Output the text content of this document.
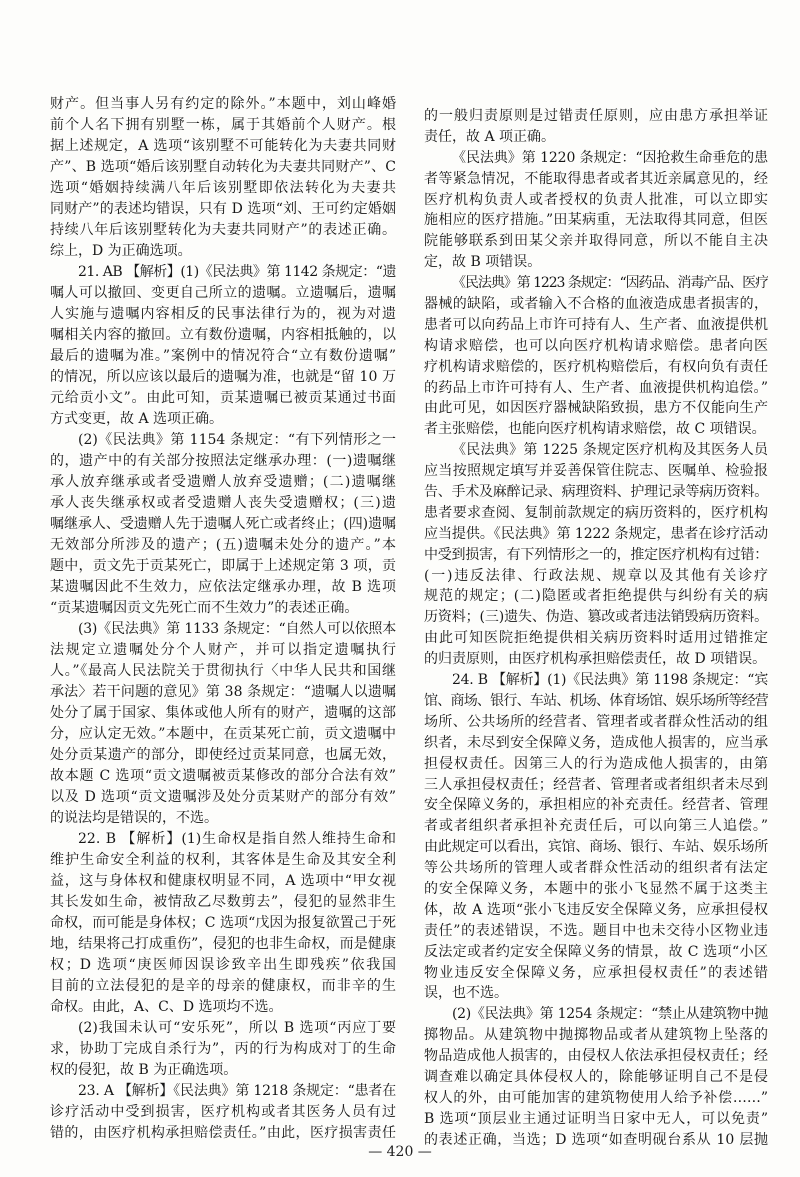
财产。但当事人另有约定的除外。”本题中，刘山峰婚
前个人名下拥有别墅一栋，属于其婚前个人财产。根
据上述规定，A 选项“该别墅不可能转化为夫妻共同财
产”、B 选项“婚后该别墅自动转化为夫妻共同财产”、C
选项“婚姻持续满八年后该别墅即依法转化为夫妻共
同财产”的表述均错误，只有 D 选项“刘、王可约定婚姻
持续八年后该别墅转化为夫妻共同财产”的表述正确。
综上，D 为正确选项。
21. AB 【解析】(1)《民法典》第 1142 条规定：“遗
嘱人可以撤回、变更自己所立的遗嘱。立遗嘱后，遗嘱
人实施与遗嘱内容相反的民事法律行为的，视为对遗
嘱相关内容的撤回。立有数份遗嘱，内容相抵触的，以
最后的遗嘱为准。”案例中的情况符合“立有数份遗嘱”
的情况，所以应该以最后的遗嘱为准，也就是“留 10 万
元给贡小文”。由此可知，贡某遗嘱已被贡某通过书面
方式变更，故 A 选项正确。
(2)《民法典》第 1154 条规定：“有下列情形之一
的，遗产中的有关部分按照法定继承办理：(一)遗嘱继
承人放弃继承或者受遗赠人放弃受遗赠；(二)遗嘱继
承人丧失继承权或者受遗赠人丧失受遗赠权；(三)遗
嘱继承人、受遗赠人先于遗嘱人死亡或者终止；(四)遗嘱
无效部分所涉及的遗产；(五)遗嘱未处分的遗产。”本
题中，贡文先于贡某死亡，即属于上述规定第 3 项，贡
某遗嘱因此不生效力，应依法定继承办理，故 B 选项
“贡某遗嘱因贡文先死亡而不生效力”的表述正确。
(3)《民法典》第 1133 条规定：“自然人可以依照本
法规定立遗嘱处分个人财产，并可以指定遗嘱执行
人。”《最高人民法院关于贯彻执行〈中华人民共和国继
承法〉若干问题的意见》第 38 条规定：“遗嘱人以遗嘱
处分了属于国家、集体或他人所有的财产，遗嘱的这部
分，应认定无效。”本题中，在贡某死亡前，贡文遗嘱中
处分贡某遗产的部分，即使经过贡某同意，也属无效，
故本题 C 选项“贡文遗嘱被贡某修改的部分合法有效”
以及 D 选项“贡文遗嘱涉及处分贡某财产的部分有效”
的说法均是错误的，不选。
22. B 【解析】(1)生命权是指自然人维持生命和
维护生命安全利益的权利，其客体是生命及其安全利
益，这与身体权和健康权明显不同，A 选项中“甲女视
其长发如生命，被情敌乙尽数剪去”，侵犯的显然非生
命权，而可能是身体权；C 选项“戊因为报复欲置己于死
地，结果将己打成重伤”，侵犯的也非生命权，而是健康
权；D 选项“庚医师因误诊致辛出生即残疾”依我国
目前的立法侵犯的是辛的母亲的健康权，而非辛的生
命权。由此，A、C、D 选项均不选。
(2)我国未认可“安乐死”，所以 B 选项“丙应丁要
求，协助丁完成自杀行为”，丙的行为构成对丁的生命
权的侵犯，故 B 为正确选项。
23. A 【解析】《民法典》第 1218 条规定：“患者在
诊疗活动中受到损害，医疗机构或者其医务人员有过
错的，由医疗机构承担赔偿责任。”由此，医疗损害责任
的一般归责原则是过错责任原则，应由患方承担举证
责任，故 A 项正确。
《民法典》第 1220 条规定：“因抢救生命垂危的患
者等紧急情况，不能取得患者或者其近亲属意见的，经
医疗机构负责人或者授权的负责人批准，可以立即实
施相应的医疗措施。”田某病重，无法取得其同意，但医
院能够联系到田某父亲并取得同意，所以不能自主决
定，故 B 项错误。
《民法典》第 1223 条规定：“因药品、消毒产品、医疗
器械的缺陷，或者输入不合格的血液造成患者损害的，
患者可以向药品上市许可持有人、生产者、血液提供机
构请求赔偿，也可以向医疗机构请求赔偿。患者向医
疗机构请求赔偿的，医疗机构赔偿后，有权向负有责任
的药品上市许可持有人、生产者、血液提供机构追偿。”
由此可见，如因医疗器械缺陷致损，患方不仅能向生产
者主张赔偿，也能向医疗机构请求赔偿，故 C 项错误。
《民法典》第 1225 条规定医疗机构及其医务人员
应当按照规定填写并妥善保管住院志、医嘱单、检验报
告、手术及麻醉记录、病理资料、护理记录等病历资料。
患者要求查阅、复制前款规定的病历资料的，医疗机构
应当提供。《民法典》第 1222 条规定，患者在诊疗活动
中受到损害，有下列情形之一的，推定医疗机构有过错：
(一)违反法律、行政法规、规章以及其他有关诊疗
规范的规定；(二)隐匿或者拒绝提供与纠纷有关的病
历资料；(三)遗失、伪造、篡改或者违法销毁病历资料。
由此可知医院拒绝提供相关病历资料时适用过错推定
的归责原则，由医疗机构承担赔偿责任，故 D 项错误。
24. B 【解析】(1)《民法典》第 1198 条规定：“宾
馆、商场、银行、车站、机场、体育场馆、娱乐场所等经营
场所、公共场所的经营者、管理者或者群众性活动的组
织者，未尽到安全保障义务，造成他人损害的，应当承
担侵权责任。因第三人的行为造成他人损害的，由第
三人承担侵权责任；经营者、管理者或者组织者未尽到
安全保障义务的，承担相应的补充责任。经营者、管理
者或者组织者承担补充责任后，可以向第三人追偿。”
由此规定可以看出，宾馆、商场、银行、车站、娱乐场所
等公共场所的管理人或者群众性活动的组织者有法定
的安全保障义务，本题中的张小飞显然不属于这类主
体，故 A 选项“张小飞违反安全保障义务，应承担侵权
责任”的表述错误，不选。题目中也未交待小区物业违
反法定或者约定安全保障义务的情景，故 C 选项“小区
物业违反安全保障义务，应承担侵权责任”的表述错
误，也不选。
(2)《民法典》第 1254 条规定：“禁止从建筑物中抛
掷物品。从建筑物中抛掷物品或者从建筑物上坠落的
物品造成他人损害的，由侵权人依法承担侵权责任；经
调查难以确定具体侵权人的，除能够证明自己不是侵
权人的外，由可能加害的建筑物使用人给予补偿……”
B 选项“顶层业主通过证明当日家中无人，可以免责”
的表述正确，当选；D 选项“如查明砚台系从 10 层抛
— 420 —
